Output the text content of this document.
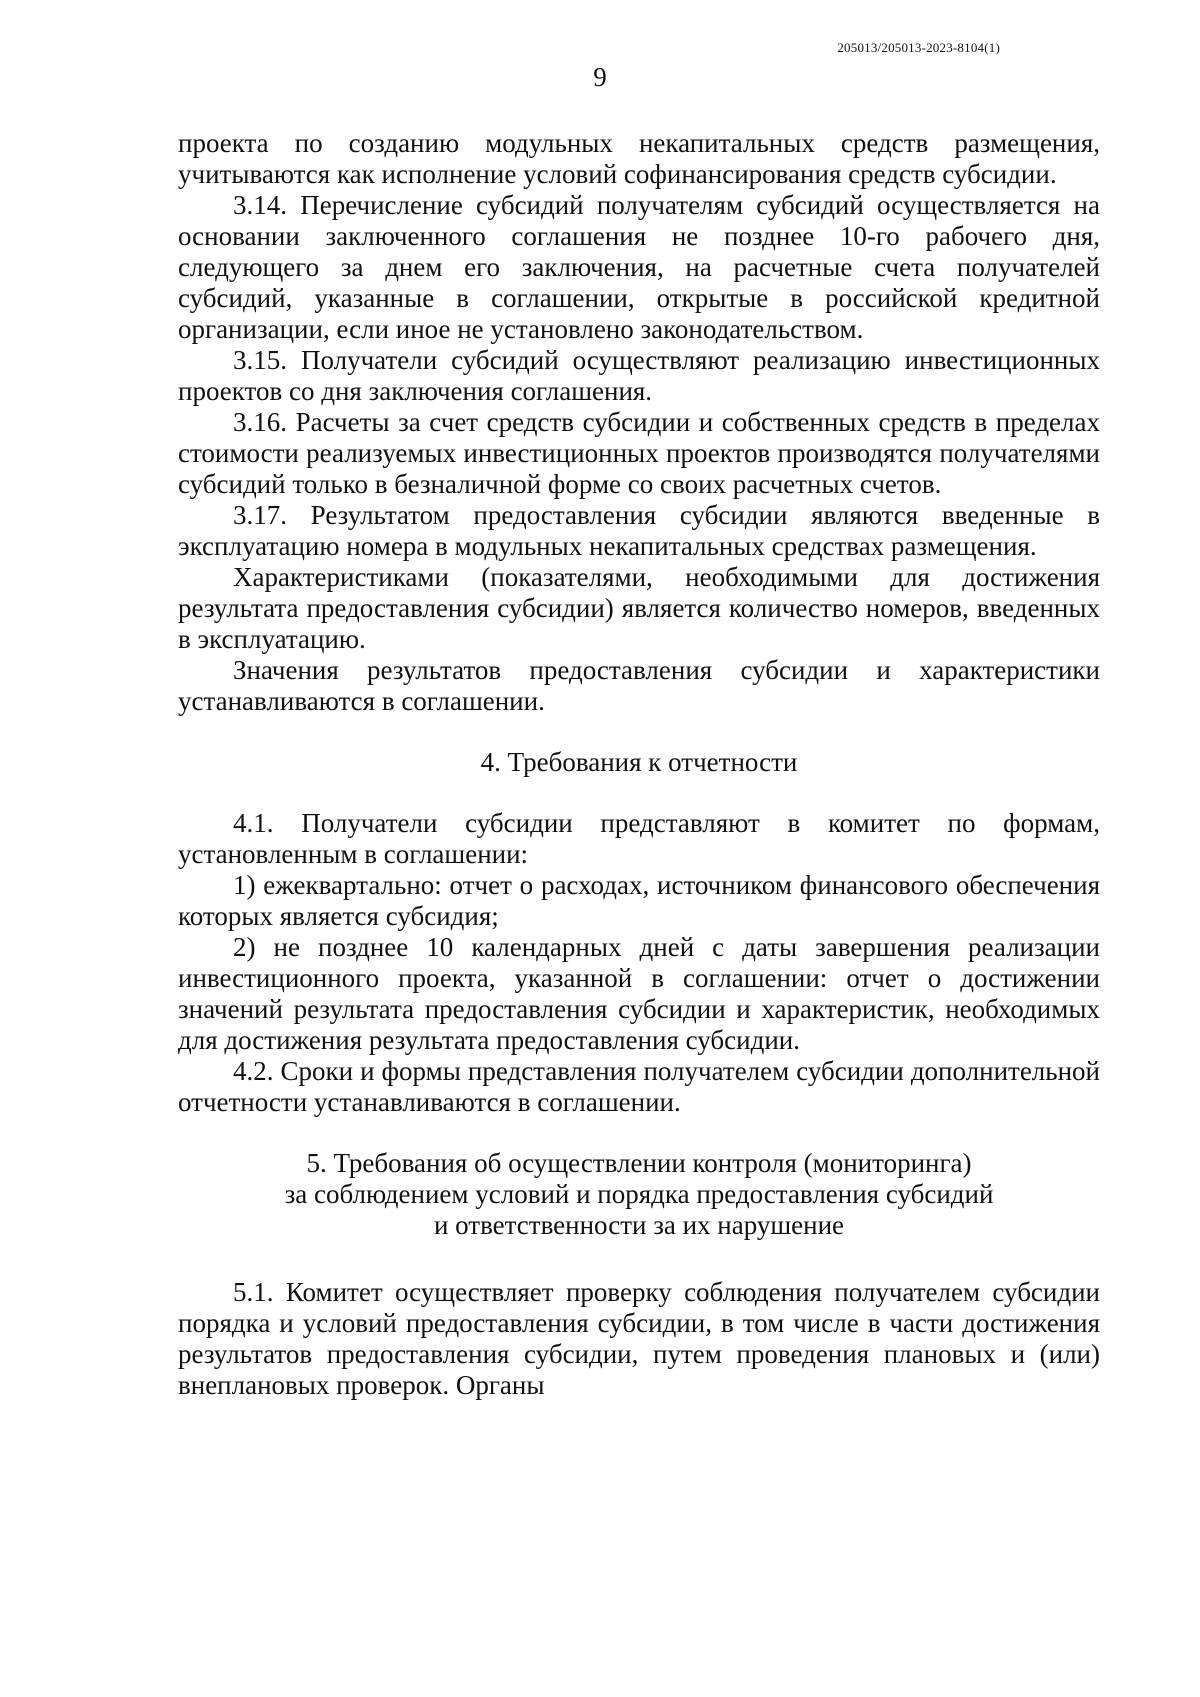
205013/205013-2023-8104(1)
9

проекта по созданию модульных некапитальных средств размещения, учитываются как исполнение условий софинансирования средств субсидии.

3.14. Перечисление субсидий получателям субсидий осуществляется на основании заключенного соглашения не позднее 10-го рабочего дня, следующего за днем его заключения, на расчетные счета получателей субсидий, указанные в соглашении, открытые в российской кредитной организации, если иное не установлено законодательством.

3.15. Получатели субсидий осуществляют реализацию инвестиционных проектов со дня заключения соглашения.

3.16. Расчеты за счет средств субсидии и собственных средств в пределах стоимости реализуемых инвестиционных проектов производятся получателями субсидий только в безналичной форме со своих расчетных счетов.

3.17. Результатом предоставления субсидии являются введенные в эксплуатацию номера в модульных некапитальных средствах размещения.

Характеристиками (показателями, необходимыми для достижения результата предоставления субсидии) является количество номеров, введенных в эксплуатацию.

Значения результатов предоставления субсидии и характеристики устанавливаются в соглашении.

4. Требования к отчетности

4.1. Получатели субсидии представляют в комитет по формам, установленным в соглашении:

1) ежеквартально: отчет о расходах, источником финансового обеспечения которых является субсидия;

2) не позднее 10 календарных дней с даты завершения реализации инвестиционного проекта, указанной в соглашении: отчет о достижении значений результата предоставления субсидии и характеристик, необходимых для достижения результата предоставления субсидии.

4.2. Сроки и формы представления получателем субсидии дополнительной отчетности устанавливаются в соглашении.

5. Требования об осуществлении контроля (мониторинга)
за соблюдением условий и порядка предоставления субсидий
и ответственности за их нарушение

5.1. Комитет осуществляет проверку соблюдения получателем субсидии порядка и условий предоставления субсидии, в том числе в части достижения результатов предоставления субсидии, путем проведения плановых и (или) внеплановых проверок. Органы
